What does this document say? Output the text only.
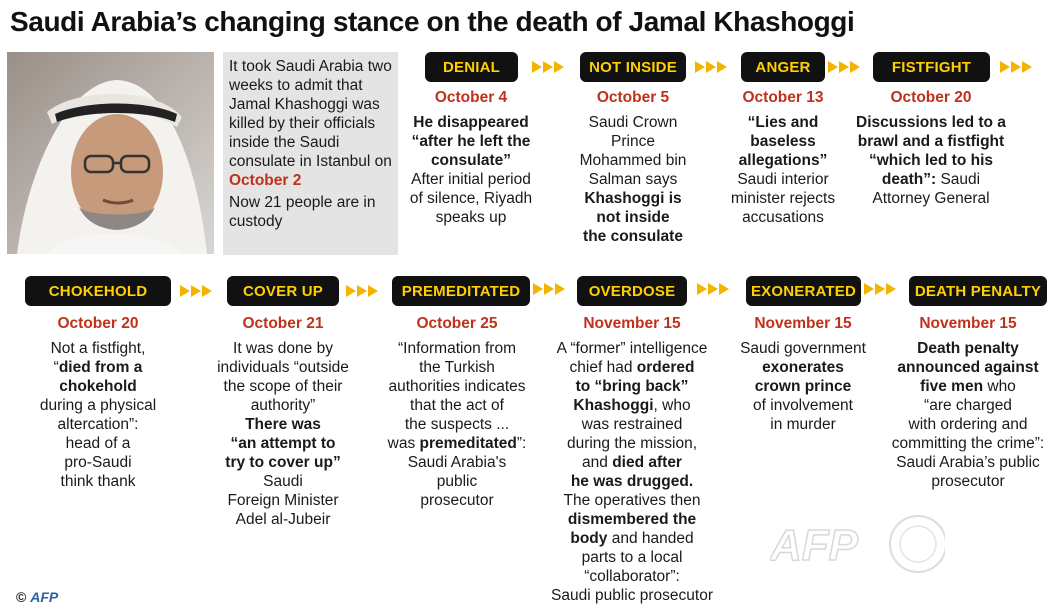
Saudi Arabia’s changing stance on the death of Jamal Khashoggi

It took Saudi Arabia two weeks to admit that Jamal Khashoggi was killed by their officials inside the Saudi consulate in Istanbul on October 2

Now 21 people are in custody

DENIAL
October 4
He disappeared
“after he left the
consulate”
After initial period
of silence, Riyadh
speaks up
NOT INSIDE
October 5
Saudi Crown
Prince
Mohammed bin
Salman says
Khashoggi is
not inside
the consulate
ANGER
October 13
“Lies and
baseless
allegations”
Saudi interior
minister rejects
accusations
FISTFIGHT
October 20
Discussions led to a
brawl and a fistfight
“which led to his
death”: Saudi
Attorney General
CHOKEHOLD
October 20
Not a fistfight,
“died from a
chokehold
during a physical
altercation”:
head of a
pro-Saudi
think thank
COVER UP
October 21
It was done by
individuals “outside
the scope of their
authority”
There was
“an attempt to
try to cover up”
Saudi
Foreign Minister
Adel al-Jubeir
PREMEDITATED
October 25
“Information from
the Turkish
authorities indicates
that the act of
the suspects ...
was premeditated”:
Saudi Arabia's
public
prosecutor
OVERDOSE
November 15
A “former” intelligence
chief had ordered
to “bring back”
Khashoggi, who
was restrained
during the mission,
and died after
he was drugged.
The operatives then
dismembered the
body and handed
parts to a local
“collaborator”:
Saudi public prosecutor
EXONERATED
November 15
Saudi government
exonerates
crown prince
of involvement
in murder
DEATH PENALTY
November 15
Death penalty
announced against
five men who
“are charged
with ordering and
committing the crime”:
Saudi Arabia’s public
prosecutor
© AFP
AFP
